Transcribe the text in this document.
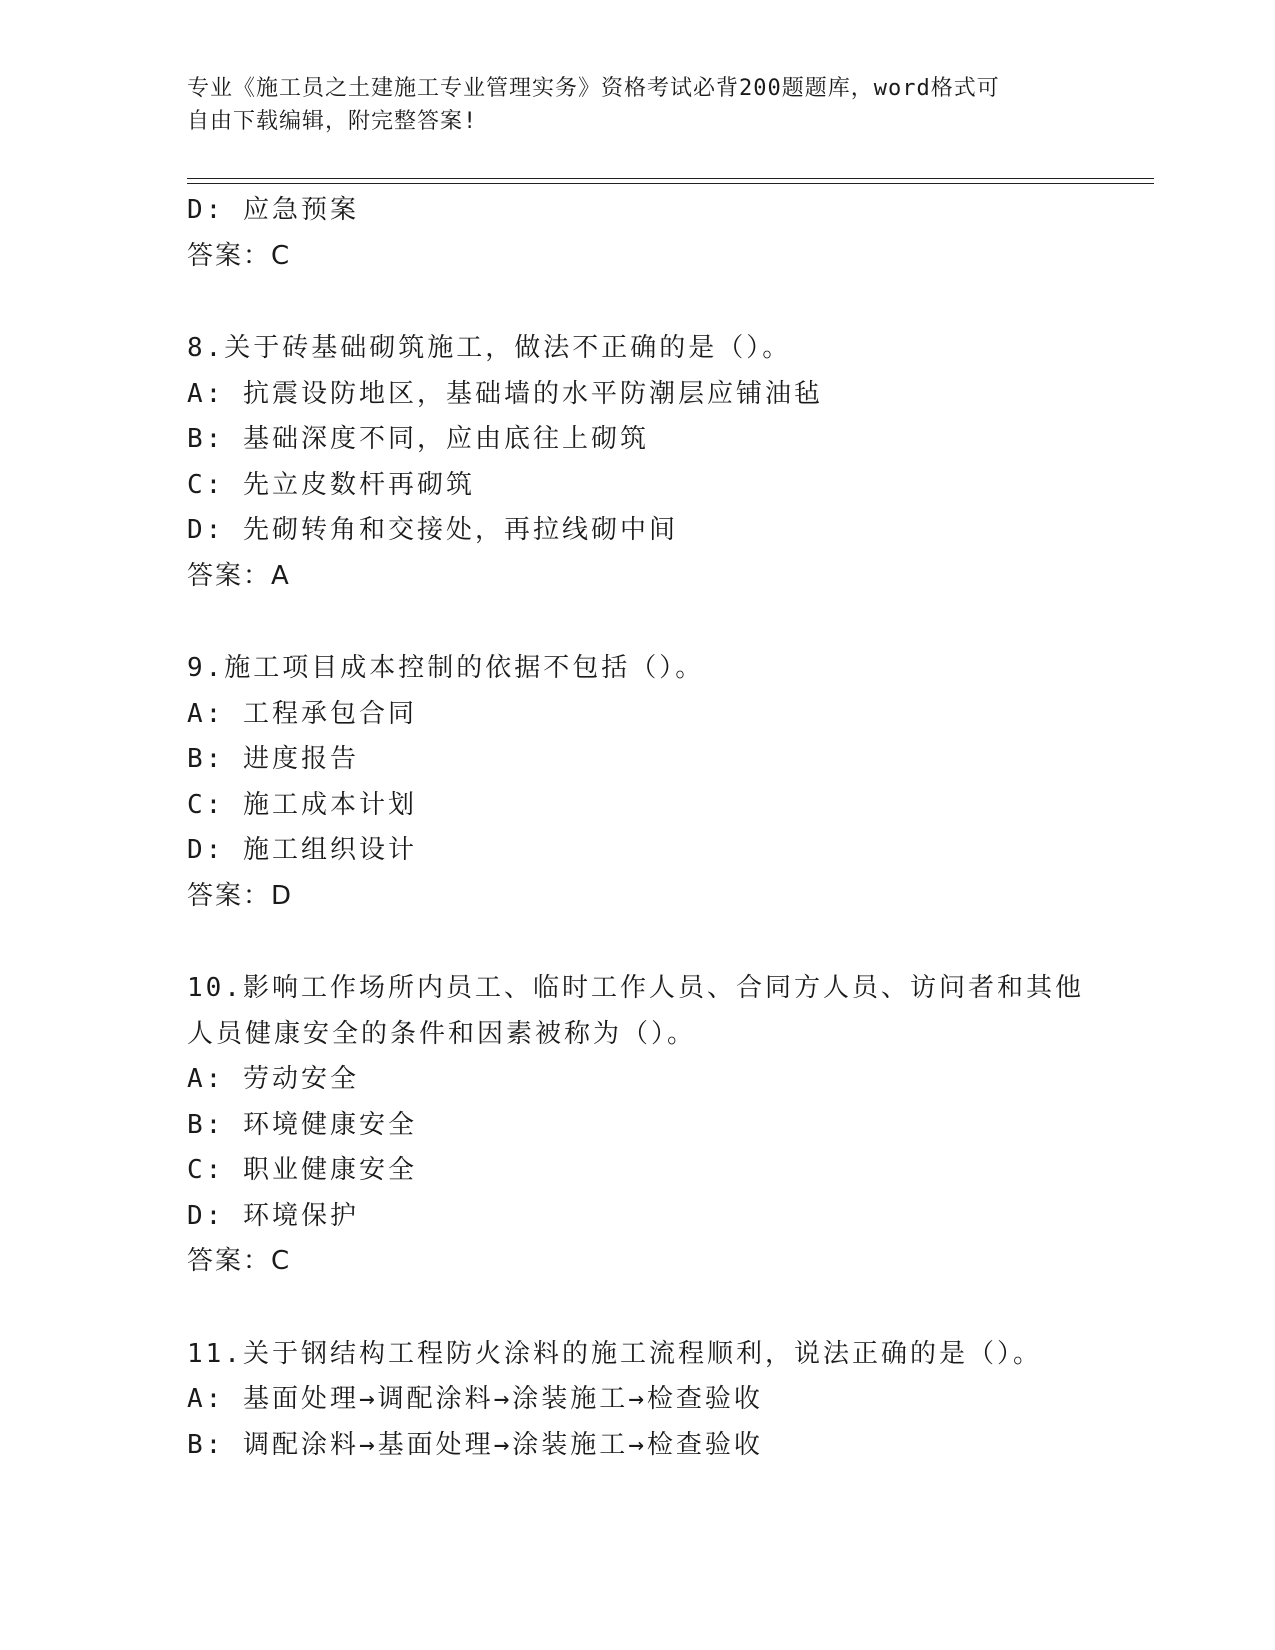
专业《施工员之土建施工专业管理实务》资格考试必背200题题库，word格式可
自由下载编辑，附完整答案!
D: 应急预案
答案：C
8.关于砖基础砌筑施工，做法不正确的是（）。
A: 抗震设防地区，基础墙的水平防潮层应铺油毡
B: 基础深度不同，应由底往上砌筑
C: 先立皮数杆再砌筑
D: 先砌转角和交接处，再拉线砌中间
答案：A
9.施工项目成本控制的依据不包括（）。
A: 工程承包合同
B: 进度报告
C: 施工成本计划
D: 施工组织设计
答案：D
10.影响工作场所内员工、临时工作人员、合同方人员、访问者和其他
人员健康安全的条件和因素被称为（）。
A: 劳动安全
B: 环境健康安全
C: 职业健康安全
D: 环境保护
答案：C
11.关于钢结构工程防火涂料的施工流程顺利，说法正确的是（）。
A: 基面处理→调配涂料→涂装施工→检查验收
B: 调配涂料→基面处理→涂装施工→检查验收
